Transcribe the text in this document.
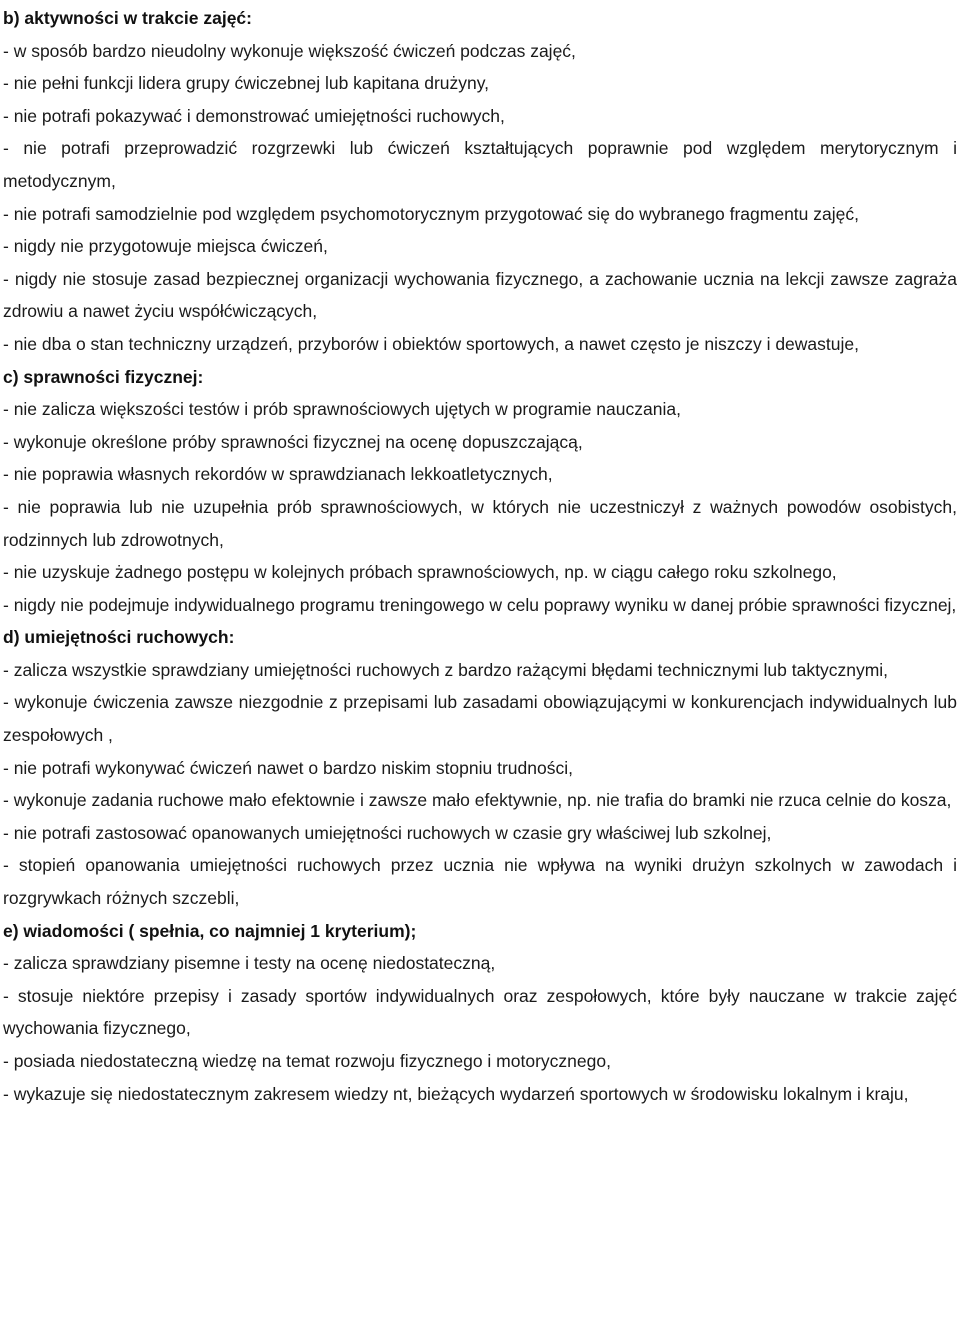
b) aktywności w trakcie zajęć:

- w sposób bardzo nieudolny wykonuje większość ćwiczeń podczas zajęć,

- nie pełni funkcji lidera grupy ćwiczebnej lub kapitana drużyny,

- nie potrafi pokazywać i demonstrować umiejętności ruchowych,

- nie potrafi przeprowadzić rozgrzewki lub ćwiczeń kształtujących poprawnie pod względem merytorycznym i metodycznym,

- nie potrafi samodzielnie pod względem psychomotorycznym przygotować się do wybranego fragmentu zajęć,

- nigdy nie przygotowuje miejsca ćwiczeń,

- nigdy nie stosuje zasad bezpiecznej organizacji wychowania fizycznego, a zachowanie ucznia na lekcji zawsze zagraża zdrowiu a nawet życiu współćwiczących,

- nie dba o stan techniczny urządzeń, przyborów i obiektów sportowych, a nawet często je niszczy i dewastuje,

c) sprawności fizycznej:

- nie zalicza większości testów i prób sprawnościowych ujętych w programie nauczania,

- wykonuje określone próby sprawności fizycznej na ocenę dopuszczającą,

- nie poprawia własnych rekordów w sprawdzianach lekkoatletycznych,

- nie poprawia lub nie uzupełnia prób sprawnościowych, w których nie uczestniczył z ważnych powodów osobistych, rodzinnych lub zdrowotnych,

- nie uzyskuje żadnego postępu w kolejnych próbach sprawnościowych, np. w ciągu całego roku szkolnego,

- nigdy nie podejmuje indywidualnego programu treningowego w celu poprawy wyniku w danej próbie sprawności fizycznej,

d) umiejętności ruchowych:

- zalicza wszystkie sprawdziany umiejętności ruchowych z bardzo rażącymi błędami technicznymi lub taktycznymi,

- wykonuje ćwiczenia zawsze niezgodnie z przepisami lub zasadami obowiązującymi w konkurencjach indywidualnych lub zespołowych ,

- nie potrafi wykonywać ćwiczeń nawet o bardzo niskim stopniu trudności,

- wykonuje zadania ruchowe mało efektownie i zawsze mało efektywnie, np. nie trafia do bramki nie rzuca celnie do kosza,

- nie potrafi zastosować opanowanych umiejętności ruchowych w czasie gry właściwej lub szkolnej,

- stopień opanowania umiejętności ruchowych przez ucznia nie wpływa na wyniki drużyn szkolnych w zawodach i rozgrywkach różnych szczebli,

e) wiadomości ( spełnia, co najmniej 1 kryterium);

- zalicza sprawdziany pisemne i testy na ocenę niedostateczną,

- stosuje niektóre przepisy i zasady sportów indywidualnych oraz zespołowych, które były nauczane w trakcie zajęć wychowania fizycznego,

- posiada niedostateczną wiedzę na temat rozwoju fizycznego i motorycznego,

- wykazuje się niedostatecznym zakresem wiedzy nt, bieżących wydarzeń sportowych w środowisku lokalnym i kraju,
